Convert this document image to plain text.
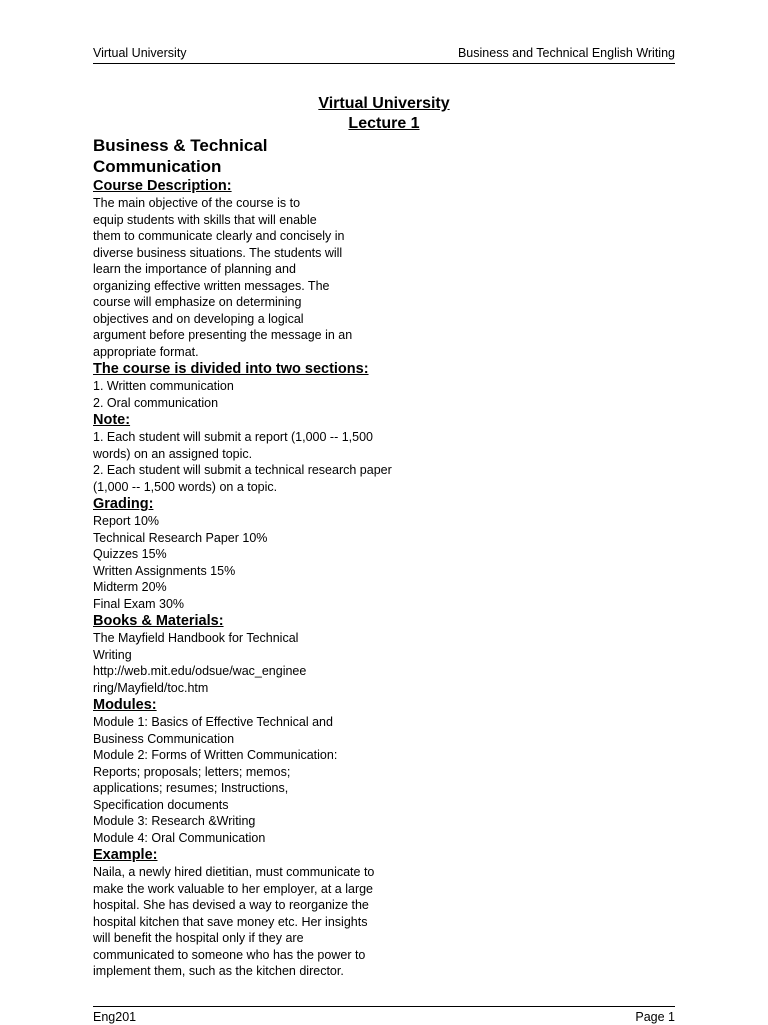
Virtual University	Business and Technical English Writing

Virtual University

Lecture 1

Business & Technical
Communication

Course Description:

The main objective of the course is to

equip students with skills that will enable

them to communicate clearly and concisely in

diverse business situations. The students will

learn the importance of planning and

organizing effective written messages. The

course will emphasize on determining

objectives and on developing a logical

argument before presenting the message in an

appropriate format.

The course is divided into two sections:

1. Written communication

2. Oral communication

Note:

1. Each student will submit a report (1,000 -- 1,500

words) on an assigned topic.

2. Each student will submit a technical research paper

(1,000 -- 1,500 words) on a topic.

Grading:

Report 10%

Technical Research Paper 10%

Quizzes 15%

Written Assignments 15%

Midterm 20%

Final Exam 30%

Books & Materials:

The Mayfield Handbook for Technical

Writing

http://web.mit.edu/odsue/wac_enginee

ring/Mayfield/toc.htm

Modules:

Module 1: Basics of Effective Technical and

Business Communication

Module 2: Forms of Written Communication:

Reports; proposals; letters; memos;

applications; resumes; Instructions,

Specification documents

Module 3: Research &Writing

Module 4: Oral Communication

Example:

Naila, a newly hired dietitian, must communicate to

make the work valuable to her employer, at a large

hospital. She has devised a way to reorganize the

hospital kitchen that save money etc. Her insights

will benefit the hospital only if they are

communicated to someone who has the power to

implement them, such as the kitchen director.

Eng201	Page 1
